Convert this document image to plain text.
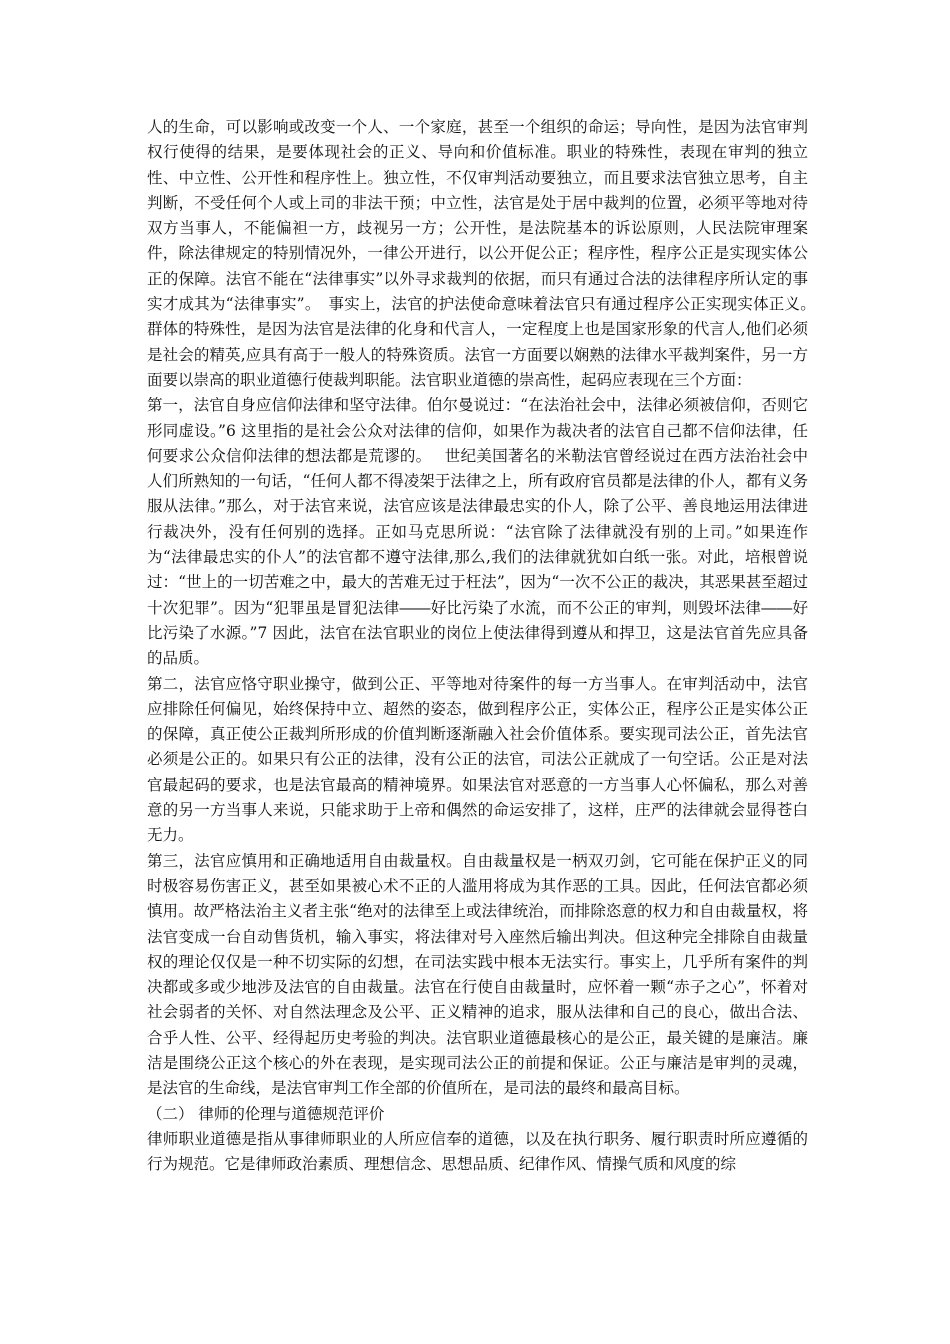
人的生命，可以影响或改变一个人、一个家庭，甚至一个组织的命运；导向性，是因为法官审判权行使得的结果，是要体现社会的正义、导向和价值标准。职业的特殊性，表现在审判的独立性、中立性、公开性和程序性上。独立性，不仅审判活动要独立，而且要求法官独立思考，自主判断，不受任何个人或上司的非法干预；中立性，法官是处于居中裁判的位置，必须平等地对待双方当事人，不能偏袒一方，歧视另一方；公开性，是法院基本的诉讼原则，人民法院审理案件，除法律规定的特别情况外，一律公开进行，以公开促公正；程序性，程序公正是实现实体公正的保障。法官不能在“法律事实”以外寻求裁判的依据，而只有通过合法的法律程序所认定的事实才成其为“法律事实”。　事实上，法官的护法使命意味着法官只有通过程序公正实现实体正义。　 群体的特殊性，是因为法官是法律的化身和代言人，一定程度上也是国家形象的代言人,他们必须是社会的精英,应具有高于一般人的特殊资质。法官一方面要以娴熟的法律水平裁判案件，另一方面要以崇高的职业道德行使裁判职能。法官职业道德的崇高性，起码应表现在三个方面：

第一，法官自身应信仰法律和坚守法律。伯尔曼说过：“在法治社会中，法律必须被信仰，否则它形同虚设。”6 这里指的是社会公众对法律的信仰，如果作为裁决者的法官自己都不信仰法律，任何要求公众信仰法律的想法都是荒谬的。　 世纪美国著名的米勒法官曾经说过在西方法治社会中人们所熟知的一句话，“任何人都不得凌架于法律之上，所有政府官员都是法律的仆人，都有义务服从法律。”那么，对于法官来说，法官应该是法律最忠实的仆人，除了公平、善良地运用法律进行裁决外，没有任何别的选择。正如马克思所说：“法官除了法律就没有别的上司。”如果连作为“法律最忠实的仆人”的法官都不遵守法律,那么,我们的法律就犹如白纸一张。对此，培根曾说过：“世上的一切苦难之中，最大的苦难无过于枉法”，因为“一次不公正的裁决，其恶果甚至超过十次犯罪”。因为“犯罪虽是冒犯法律――好比污染了水流，而不公正的审判，则毁坏法律――好比污染了水源。”7 因此，法官在法官职业的岗位上使法律得到遵从和捍卫，这是法官首先应具备的品质。

第二，法官应恪守职业操守，做到公正、平等地对待案件的每一方当事人。在审判活动中，法官应排除任何偏见，始终保持中立、超然的姿态，做到程序公正，实体公正，程序公正是实体公正的保障，真正使公正裁判所形成的价值判断逐渐融入社会价值体系。要实现司法公正，首先法官必须是公正的。如果只有公正的法律，没有公正的法官，司法公正就成了一句空话。公正是对法官最起码的要求，也是法官最高的精神境界。如果法官对恶意的一方当事人心怀偏私，那么对善意的另一方当事人来说，只能求助于上帝和偶然的命运安排了，这样，庄严的法律就会显得苍白无力。

第三，法官应慎用和正确地适用自由裁量权。自由裁量权是一柄双刃剑，它可能在保护正义的同时极容易伤害正义，甚至如果被心术不正的人滥用将成为其作恶的工具。因此，任何法官都必须慎用。故严格法治主义者主张“绝对的法律至上或法律统治，而排除恣意的权力和自由裁量权，将法官变成一台自动售货机，输入事实，将法律对号入座然后输出判决。但这种完全排除自由裁量权的理论仅仅是一种不切实际的幻想，在司法实践中根本无法实行。事实上，几乎所有案件的判决都或多或少地涉及法官的自由裁量。法官在行使自由裁量时，应怀着一颗“赤子之心”，怀着对社会弱者的关怀、对自然法理念及公平、正义精神的追求，服从法律和自己的良心，做出合法、合乎人性、公平、经得起历史考验的判决。法官职业道德最核心的是公正，最关键的是廉洁。廉洁是围绕公正这个核心的外在表现，是实现司法公正的前提和保证。公正与廉洁是审判的灵魂，是法官的生命线，是法官审判工作全部的价值所在，是司法的最终和最高目标。

（二） 律师的伦理与道德规范评价

律师职业道德是指从事律师职业的人所应信奉的道德，以及在执行职务、履行职责时所应遵循的行为规范。它是律师政治素质、理想信念、思想品质、纪律作风、情操气质和风度的综
